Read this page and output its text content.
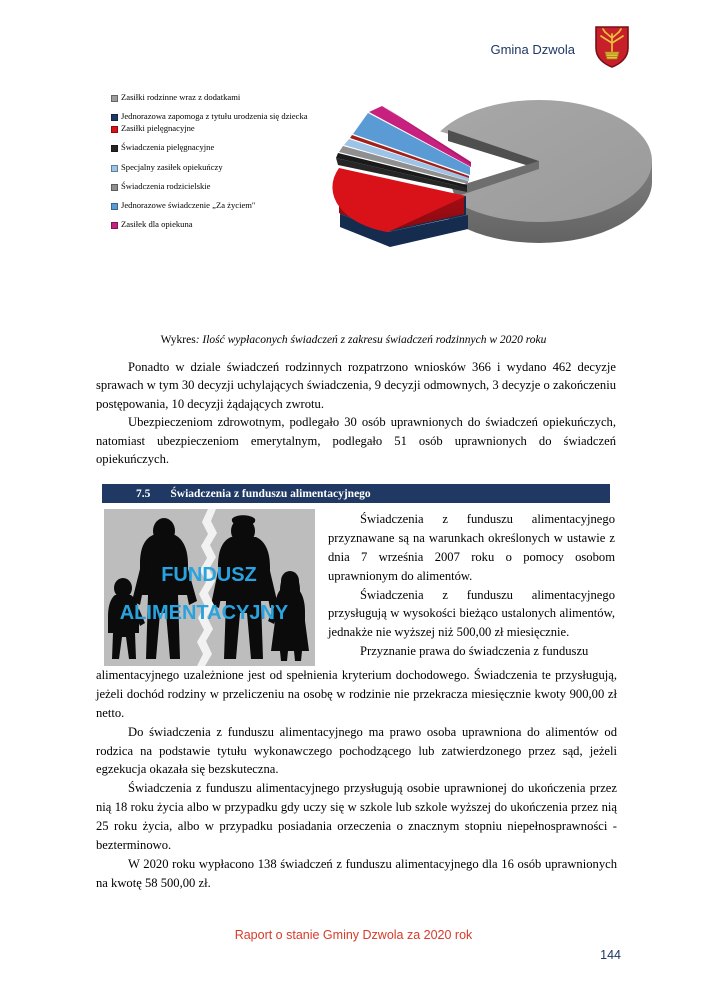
Gmina Dzwola
Zasiłki rodzinne wraz z dodatkami
Jednorazowa zapomoga z tytułu urodzenia się dziecka
Zasiłki pielęgnacyjne
Świadczenia pielęgnacyjne
Specjalny zasiłek opiekuńczy
Świadczenia rodzicielskie
Jednorazowe świadczenie „Za życiem''
Zasiłek dla opiekuna
Wykres: Ilość wypłaconych świadczeń z zakresu świadczeń rodzinnych w 2020 roku

Ponadto w dziale świadczeń rodzinnych rozpatrzono wniosków 366 i wydano 462 decyzje sprawach w tym 30 decyzji uchylających świadczenia, 9 decyzji odmownych, 3 decyzje o zakończeniu postępowania, 10 decyzji żądających zwrotu.

Ubezpieczeniom zdrowotnym, podlegało 30 osób uprawnionych do świadczeń opiekuńczych, natomiast ubezpieczeniom emerytalnym, podlegało 51 osób uprawnionych do świadczeń opiekuńczych.

7.5 Świadczenia z funduszu alimentacyjnego
FUNDUSZ
ALIMENTACYJNY

Świadczenia z funduszu alimentacyjnego przyznawane są na warunkach określonych w ustawie z dnia 7 września 2007 roku o pomocy osobom uprawnionym do alimentów.

Świadczenia z funduszu alimentacyjnego przysługują w wysokości bieżąco ustalonych alimentów, jednakże nie wyższej niż 500,00 zł miesięcznie.

Przyznanie prawa do świadczenia z funduszu

alimentacyjnego uzależnione jest od spełnienia kryterium dochodowego. Świadczenia te przysługują, jeżeli dochód rodziny w przeliczeniu na osobę w rodzinie nie przekracza miesięcznie kwoty 900,00 zł netto.

Do świadczenia z funduszu alimentacyjnego ma prawo osoba uprawniona do alimentów od rodzica na podstawie tytułu wykonawczego pochodzącego lub zatwierdzonego przez sąd, jeżeli egzekucja okazała się bezskuteczna.

Świadczenia z funduszu alimentacyjnego przysługują osobie uprawnionej do ukończenia przez nią 18 roku życia albo w przypadku gdy uczy się w szkole lub szkole wyższej do ukończenia przez nią 25 roku życia, albo w przypadku posiadania orzeczenia o znacznym stopniu niepełnosprawności - bezterminowo.

W 2020 roku wypłacono 138 świadczeń z funduszu alimentacyjnego dla 16 osób uprawnionych na kwotę 58 500,00 zł.

Raport o stanie Gminy Dzwola za 2020 rok
144
